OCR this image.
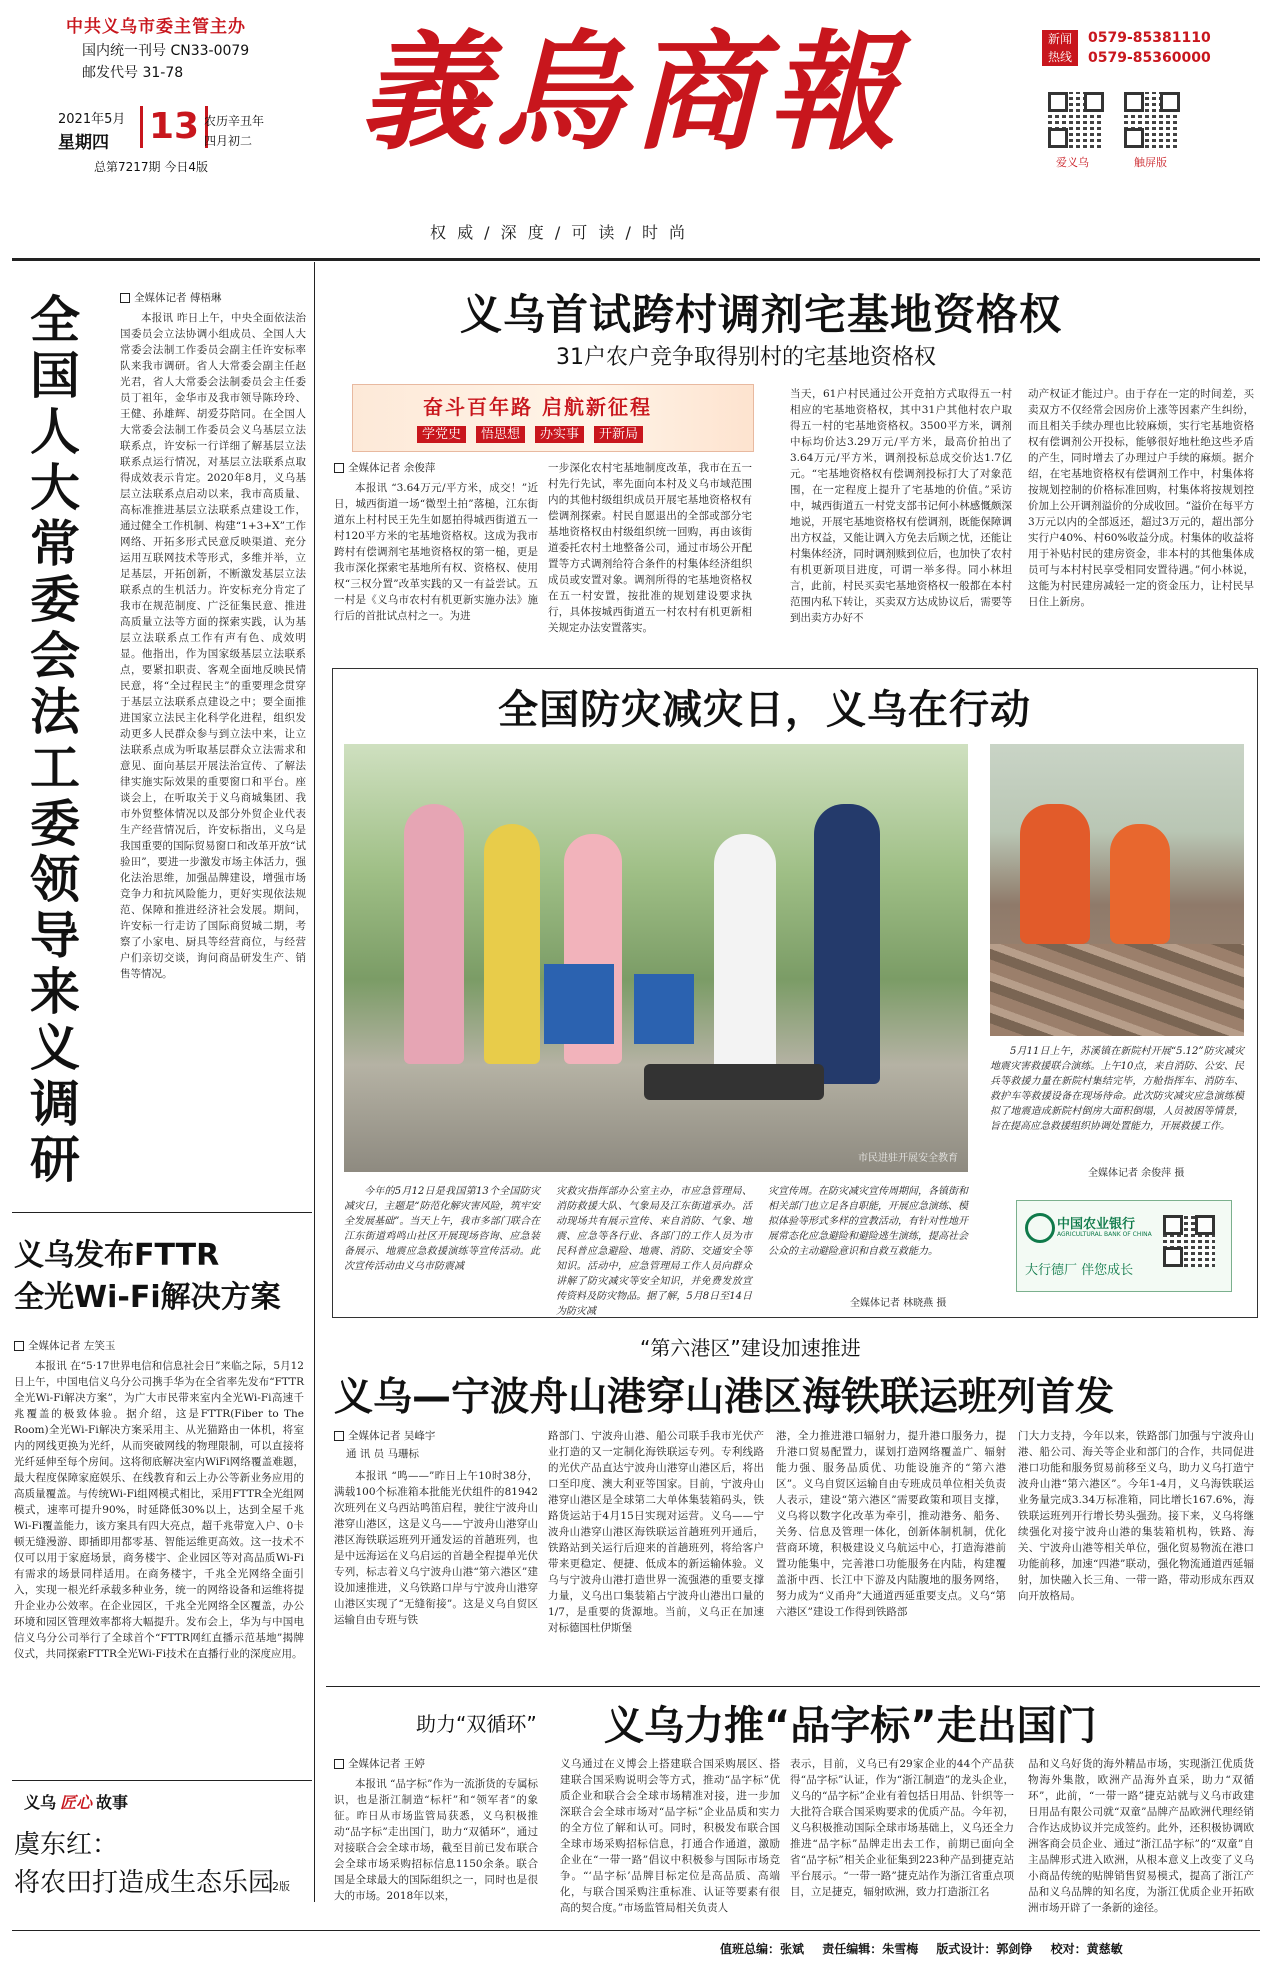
中共义乌市委主管主办
国内统一刊号 CN33-0079
邮发代号 31-78
2021年5月
星期四 13 农历辛丑年
四月初二
总第7217期 今日4版 義烏商報
权 威 / 深 度 / 可 读 / 时 尚
新闻
热线
0579-85381110
0579-85360000
爱义乌	触屏版
全国人大常委会法工委领导来义调研
全媒体记者 傅梧琳
本报讯 昨日上午，中央全面依法治国委员会立法协调小组成员、全国人大常委会法制工作委员会副主任许安标率队来我市调研。省人大常委会副主任赵光君，省人大常委会法制委员会主任委员丁祖年，金华市及我市领导陈玲玲、王健、孙雄辉、胡爱芬陪同。在全国人大常委会法制工作委员会义乌基层立法联系点，许安标一行详细了解基层立法联系点运行情况，对基层立法联系点取得成效表示肯定。2020年8月，义乌基层立法联系点启动以来，我市高质量、高标准推进基层立法联系点建设工作，通过健全工作机制、构建“1+3+X”工作网络、开拓多形式民意反映渠道、充分运用互联网技术等形式，多维并举，立足基层，开拓创新，不断激发基层立法联系点的生机活力。许安标充分肯定了我市在规范制度、广泛征集民意、推进高质量立法等方面的探索实践，认为基层立法联系点工作有声有色、成效明显。他指出，作为国家级基层立法联系点，要紧扣职责、客观全面地反映民情民意，将“全过程民主”的重要理念贯穿于基层立法联系点建设之中；要全面推进国家立法民主化科学化进程，组织发动更多人民群众参与到立法中来，让立法联系点成为听取基层群众立法需求和意见、面向基层开展法治宣传、了解法律实施实际效果的重要窗口和平台。座谈会上，在听取关于义乌商城集团、我市外贸整体情况以及部分外贸企业代表生产经营情况后，许安标指出，义乌是我国重要的国际贸易窗口和改革开放“试验田”，要进一步激发市场主体活力，强化法治思维，加强品牌建设，增强市场竞争力和抗风险能力，更好实现依法规范、保障和推进经济社会发展。期间，许安标一行走访了国际商贸城二期，考察了小家电、厨具等经营商位，与经营户们亲切交谈，询问商品研发生产、销售等情况。
义乌发布FTTR
全光Wi-Fi解决方案
全媒体记者 左笑玉
本报讯 在“5·17世界电信和信息社会日”来临之际，5月12日上午，中国电信义乌分公司携手华为在全省率先发布“FTTR全光Wi-Fi解决方案”，为广大市民带来室内全光Wi-Fi高速千兆覆盖的极致体验。据介绍，这是FTTR(Fiber to The Room)全光Wi-Fi解决方案采用主、从光猫路由一体机，将室内的网线更换为光纤，从而突破网线的物理限制，可以直接将光纤延伸至每个房间。这将彻底解决室内WiFi网络覆盖难题，最大程度保障家庭娱乐、在线教育和云上办公等新业务应用的高质量覆盖。与传统Wi-Fi组网模式相比，采用FTTR全光组网模式，速率可提升90%，时延降低30%以上，达到全屋千兆Wi-Fi覆盖能力，该方案具有四大亮点，超千兆带宽入户、0卡顿无缝漫游、即插即用都零基、智能运维更高效。这一技术不仅可以用于家庭场景，商务楼宇、企业园区等对高品质Wi-Fi有需求的场景同样适用。在商务楼宇，千兆全光网络全面引入，实现一根光纤承载多种业务，统一的网络设备和运维将提升企业办公效率。在企业园区，千兆全光网络全区覆盖，办公环境和园区管理效率都将大幅提升。发布会上，华为与中国电信义乌分公司举行了全球首个“FTTR网红直播示范基地”揭牌仪式，共同探索FTTR全光Wi-Fi技术在直播行业的深度应用。
义乌 匠心 故事
虞东红：
将农田打造成生态乐园
2版
义乌首试跨村调剂宅基地资格权
31户农户竞争取得别村的宅基地资格权
奋斗百年路 启航新征程
学党史 悟思想 办实事 开新局
全媒体记者 余俊萍
本报讯 “3.64万元/平方米，成交！”近日，城西街道一场“微型土拍”落槌，江东街道东上村村民王先生如愿拍得城西街道五一村120平方米的宅基地资格权。这成为我市跨村有偿调剂宅基地资格权的第一槌，更是我市深化探索宅基地所有权、资格权、使用权“三权分置”改革实践的又一有益尝试。五一村是《义乌市农村有机更新实施办法》施行后的首批试点村之一。为进
一步深化农村宅基地制度改革，我市在五一村先行先试，率先面向本村及义乌市域范围内的其他村级组织成员开展宅基地资格权有偿调剂探索。村民自愿退出的全部或部分宅基地资格权由村级组织统一回购，再由该街道委托农村土地整备公司，通过市场公开配置等方式调剂给符合条件的村集体经济组织成员或安置对象。调剂所得的宅基地资格权在五一村安置，按批准的规划建设要求执行，具体按城西街道五一村农村有机更新相关规定办法安置落实。
当天，61户村民通过公开竞拍方式取得五一村相应的宅基地资格权，其中31户其他村农户取得五一村的宅基地资格权。3500平方米，调剂中标均价达3.29万元/平方米，最高价拍出了3.64万元/平方米，调剂投标总成交价达1.7亿元。“宅基地资格权有偿调剂投标打大了对象范围，在一定程度上提升了宅基地的价值。”采访中，城西街道五一村党支部书记何小林感慨颇深地说，开展宅基地资格权有偿调剂，既能保障调出方权益，又能让调入方免去后顾之忧，还能让村集体经济，同时调剂赎到位后，也加快了农村有机更新项目进度，可谓一举多得。同小林坦言，此前，村民买卖宅基地资格权一般都在本村范围内私下转让，买卖双方达成协议后，需要等到出卖方办好不
动产权证才能过户。由于存在一定的时间差，买卖双方不仅经常会因房价上涨等因素产生纠纷，而且相关手续办理也比较麻烦，实行宅基地资格权有偿调剂公开投标，能够很好地杜绝这些矛盾的产生，同时增去了办理过户手续的麻烦。据介绍，在宅基地资格权有偿调剂工作中，村集体将按规划控制的价格标准回购，村集体将按规划控价加上公开调剂溢价的分成收回。“溢价在每平方3万元以内的全部返还，超过3万元的，超出部分实行户40%、村60%收益分成。村集体的收益将用于补贴村民的建房资金，非本村的其他集体成员可与本村村民享受相同安置待遇。”何小林说，这能为村民建房减轻一定的资金压力，让村民早日住上新房。
全国防灾减灾日，义乌在行动
市民进驻开展安全教育
5月11日上午，苏溪镇在新院村开展“5.12”防灾减灾地震灾害救援联合演练。上午10点，来自消防、公安、民兵等救援力量在新院村集结完毕，方舱指挥车、消防车、救护车等救援设备在现场待命。此次防灾减灾应急演练模拟了地震造成新院村倒房大面积倒塌，人员被困等情景，旨在提高应急救援组织协调处置能力，开展救援工作。
全媒体记者 余俊萍 摄
今年的5月12日是我国第13个全国防灾减灾日，主题是“防范化解灾害风险，筑牢安全发展基础”。当天上午，我市多部门联合在江东街道鸡鸣山社区开展现场咨询、应急装备展示、地震应急救援演练等宣传活动。此次宣传活动由义乌市防震减
灾救灾指挥部办公室主办，市应急管理局、消防救援大队、气象局及江东街道承办。活动现场共有展示宣传、来自消防、气象、地震、应急等各行业、各部门的工作人员为市民科普应急避险、地震、消防、交通安全等知识。活动中，应急管理局工作人员向群众讲解了防灾减灾等安全知识，并免费发放宣传资料及防灾物品。据了解，5月8日至14日为防灾减
灾宣传周。在防灾减灾宣传周期间，各镇街和相关部门也立足各自职能，开展应急演练、模拟体验等形式多样的宣教活动，有针对性地开展常态化应急避险和避险逃生演练，提高社会公众的主动避险意识和自救互救能力。
全媒体记者 林晓燕 摄
中国农业银行
AGRICULTURAL BANK OF CHINA
大行德厂 伴您成长
“第六港区”建设加速推进
义乌—宁波舟山港穿山港区海铁联运班列首发
全媒体记者 吴峰宇
通 讯 员 马珊标
本报讯 “鸣——”昨日上午10时38分，满载100个标准箱本批能光伏组件的81942次班列在义乌西站鸣笛启程，驶往宁波舟山港穿山港区，这是义乌——宁波舟山港穿山港区海铁联运班列开通发运的首趟班列，也是中远海运在义乌启运的首趟全程提单光伏专列，标志着义乌宁波舟山港“第六港区”建设加速推进，义乌铁路口岸与宁波舟山港穿山港区实现了“无缝衔接”。这是义乌自贸区运输自由专班与铁
路部门、宁波舟山港、船公司联手我市光伏产业打造的又一定制化海铁联运专列。专利线路的光伏产品直达宁波舟山港穿山港区后，将出口至印度、澳大利亚等国家。目前，宁波舟山港穿山港区是全球第二大单体集装箱码头，铁路货运站于4月15日实现对运营。义乌——宁波舟山港穿山港区海铁联运首趟班列开通后，铁路站到关运行后迎来的首趟班列，将给客户带来更稳定、便捷、低成本的新运输体验。义乌与宁波舟山港打造世界一流强港的重要支撑力量，义乌出口集装箱占宁波舟山港出口量的1/7，是重要的货源地。当前，义乌正在加速对标德国杜伊斯堡
港，全力推进港口辐射力，提升港口服务力，提升港口贸易配置力，谋划打造网络覆盖广、辐射能力强、服务品质优、功能设施齐的“第六港区”。义乌自贸区运输自由专班成员单位相关负责人表示，建设“第六港区”需要政策和项目支撑，义乌将以数字化改革为牵引，推动港务、船务、关务、信息及管理一体化，创新体制机制，优化营商环境，积极建设义乌航运中心，打造海港前置功能集中，完善港口功能服务在内陆，构建覆盖浙中西、长江中下游及内陆腹地的服务网络，努力成为“义甬舟”大通道西延重要支点。义乌“第六港区”建设工作得到铁路部
门大力支持，今年以来，铁路部门加强与宁波舟山港、船公司、海关等企业和部门的合作，共同促进港口功能和服务贸易前移至义乌，助力义乌打造宁波舟山港“第六港区”。今年1-4月，义乌海铁联运业务量完成3.34万标准箱，同比增长167.6%，海铁联运班列开行增长势头强劲。接下来，义乌将继续强化对接宁波舟山港的集装箱机构，铁路、海关、宁波舟山港等相关单位，强化贸易物流在港口功能前移，加速“四港”联动，强化物流通道西延辐射，加快融入长三角、一带一路，带动形成东西双向开放格局。
助力“双循环” 义乌力推“品字标”走出国门
全媒体记者 王婷
本报讯 “品字标”作为一流浙货的专属标识，也是浙江制造“标杆”和“领军者”的象征。昨日从市场监管局获悉，义乌积极推动“品字标”走出国门，助力“双循环”，通过对接联合会全球市场，截至目前已发布联合会全球市场采购招标信息1150余条。联合国是全球最大的国际组织之一，同时也是很大的市场。2018年以来，
义乌通过在义博会上搭建联合国采购展区、搭建联合国采购说明会等方式，推动“品字标”优质企业和联合会全球市场精准对接，进一步加深联合会全球市场对“品字标”企业品质和实力的全方位了解和认可。同时，积极发布联合国全球市场采购招标信息，打通合作通道，激励企业在“一带一路”倡议中积极参与国际市场竞争。“‘品字标’品牌目标定位是高品质、高端化，与联合国采购注重标准、认证等要素有很高的契合度。”市场监管局相关负责人
表示，目前，义乌已有29家企业的44个产品获得“品字标”认证，作为“浙江制造”的龙头企业，义乌的“品字标”企业有着包括日用品、针织等一大批符合联合国采购要求的优质产品。今年初，义乌积极推动国际全球市场基础上，义乌还全力推进“品字标”品牌走出去工作，前期已面向全省“品字标”相关企业征集到223种产品到捷克站平台展示。“一带一路”捷克站作为浙江省重点项目，立足捷克，辐射欧洲，致力打造浙江名
品和义乌好货的海外精品市场，实现浙江优质货物海外集散，欧洲产品海外直采，助力“双循环”，此前，“一带一路”捷克站就与义乌市政建日用品有限公司就“双童”品牌产品欧洲代理经销合作达成协议并完成签约。此外，还积极协调欧洲客商会员企业、通过“浙江品字标”的“双童”自主品牌形式进入欧洲，从根本意义上改变了义乌小商品传统的贴牌销售贸易模式，提高了浙江产品和义乌品牌的知名度，为浙江优质企业开拓欧洲市场开辟了一条新的途径。
值班总编：张斌 责任编辑：朱雪梅 版式设计：郭剑铮 校对：黄慈敏
